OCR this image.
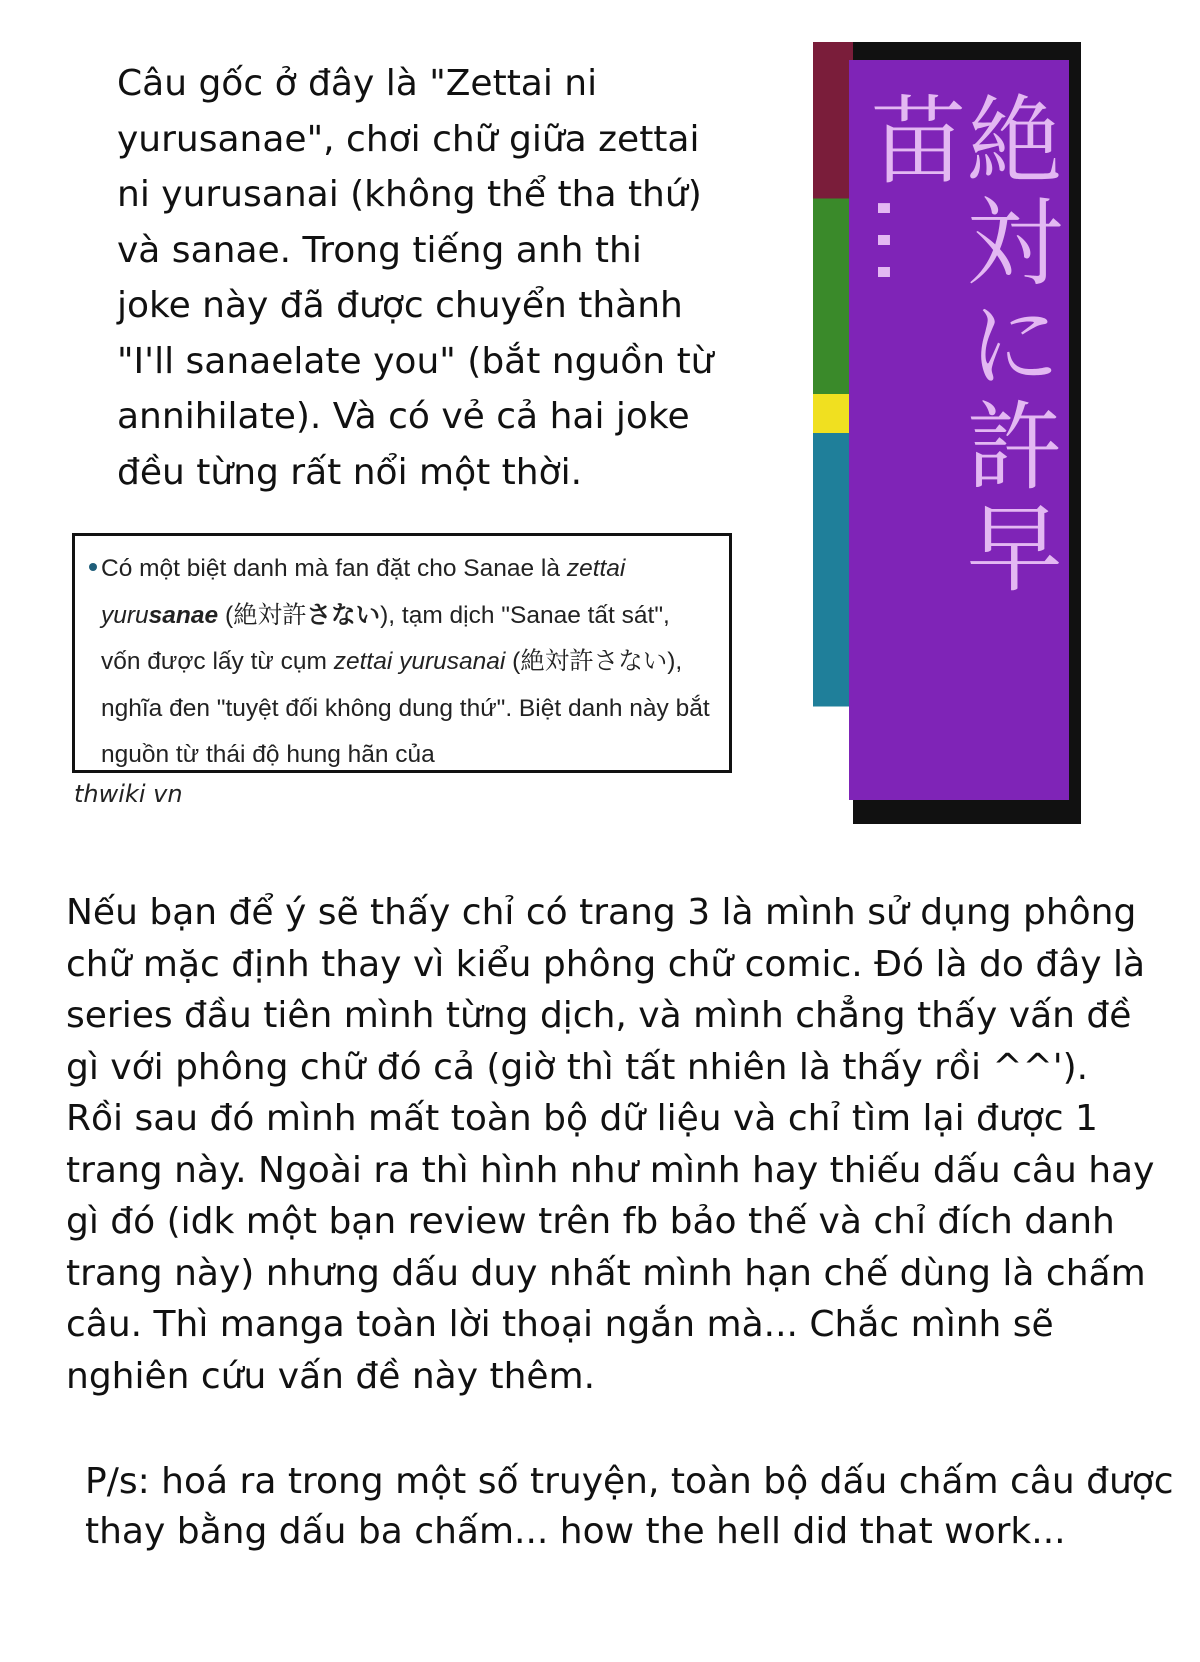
Câu gốc ở đây là "Zettai ni yurusanae", chơi chữ giữa zettai ni yurusanai (không thể tha thứ) và sanae. Trong tiếng anh thi joke này đã được chuyển thành "I'll sanaelate you" (bắt nguồn từ annihilate). Và có vẻ cả hai joke đều từng rất nổi một thời.

Có một biệt danh mà fan đặt cho Sanae là zettai yurusanae (絶対許さない), tạm dịch "Sanae tất sát", vốn được lấy từ cụm zettai yurusanai (絶対許さない), nghĩa đen "tuyệt đối không dung thứ". Biệt danh này bắt nguồn từ thái độ hung hãn của
thwiki vn
絶対に許早苗…

Nếu bạn để ý sẽ thấy chỉ có trang 3 là mình sử dụng phông chữ mặc định thay vì kiểu phông chữ comic. Đó là do đây là series đầu tiên mình từng dịch, và mình chẳng thấy vấn đề gì với phông chữ đó cả (giờ thì tất nhiên là thấy rồi ^^'). Rồi sau đó mình mất toàn bộ dữ liệu và chỉ tìm lại được 1 trang này. Ngoài ra thì hình như mình hay thiếu dấu câu hay gì đó (idk một bạn review trên fb bảo thế và chỉ đích danh trang này) nhưng dấu duy nhất mình hạn chế dùng là chấm câu. Thì manga toàn lời thoại ngắn mà... Chắc mình sẽ nghiên cứu vấn đề này thêm.

P/s: hoá ra trong một số truyện, toàn bộ dấu chấm câu được thay bằng dấu ba chấm... how the hell did that work...
